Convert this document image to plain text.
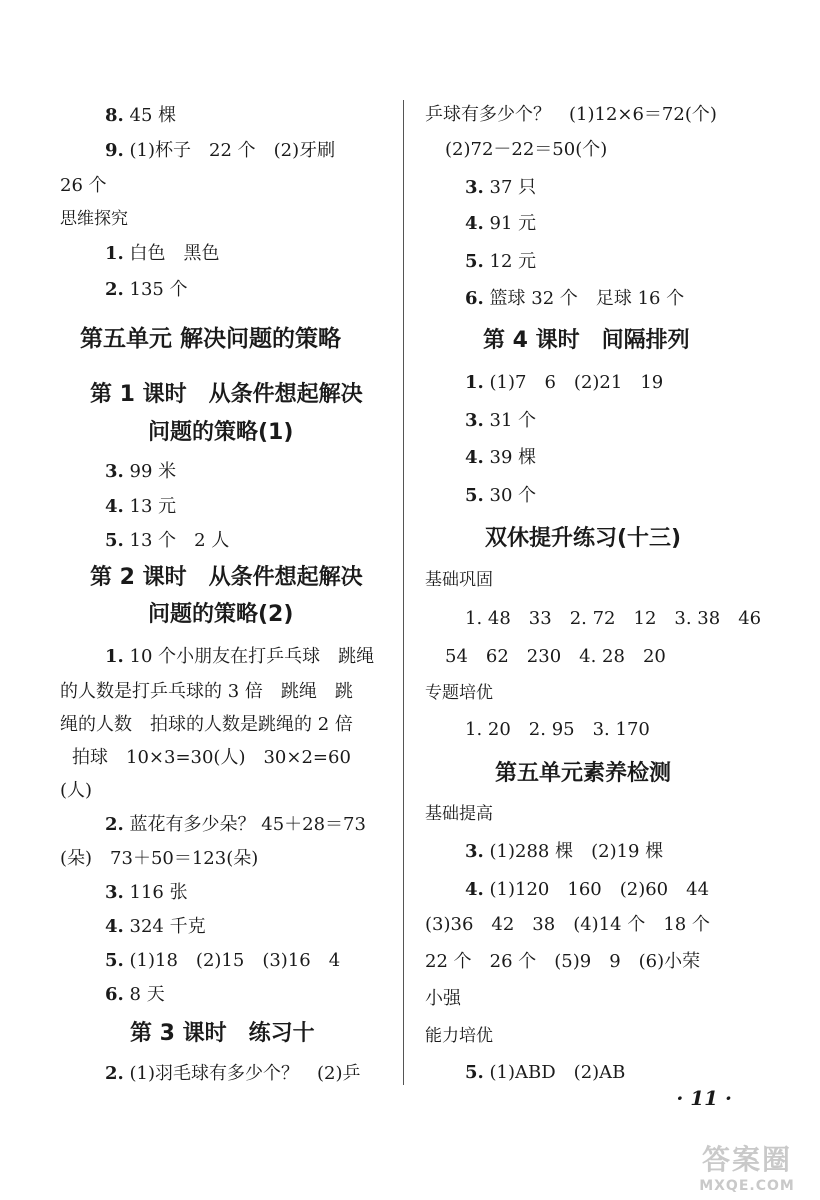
8. 45 棵
9. (1)杯子　22 个　(2)牙刷
26 个
思维探究
1. 白色　黑色
2. 135 个
第五单元 解决问题的策略
第 1 课时　从条件想起解决
问题的策略(1)
3. 99 米
4. 13 元
5. 13 个　2 人
第 2 课时　从条件想起解决
问题的策略(2)
1. 10 个小朋友在打乒乓球　跳绳
的人数是打乒乓球的 3 倍　跳绳　跳
绳的人数　拍球的人数是跳绳的 2 倍
拍球　10×3=30(人)　30×2=60
(人)
2. 蓝花有多少朵？ 45＋28＝73
(朵)　73＋50＝123(朵)
3. 116 张
4. 324 千克
5. (1)18　(2)15　(3)16　4
6. 8 天
第 3 课时　练习十
2. (1)羽毛球有多少个？　(2)乒
乒球有多少个？　(1)12×6＝72(个)
(2)72－22＝50(个)
3. 37 只
4. 91 元
5. 12 元
6. 篮球 32 个　足球 16 个
第 4 课时　间隔排列
1. (1)7　6　(2)21　19
3. 31 个
4. 39 棵
5. 30 个
双休提升练习(十三)
基础巩固
1. 48　33　2. 72　12　3. 38　46
54　62　230　4. 28　20
专题培优
1. 20　2. 95　3. 170
第五单元素养检测
基础提高
3. (1)288 棵　(2)19 棵
4. (1)120　160　(2)60　44
(3)36　42　38　(4)14 个　18 个
22 个　26 个　(5)9　9　(6)小荣
小强
能力培优
5. (1)ABD　(2)AB
· 11 ·
答案圈
MXQE.COM
